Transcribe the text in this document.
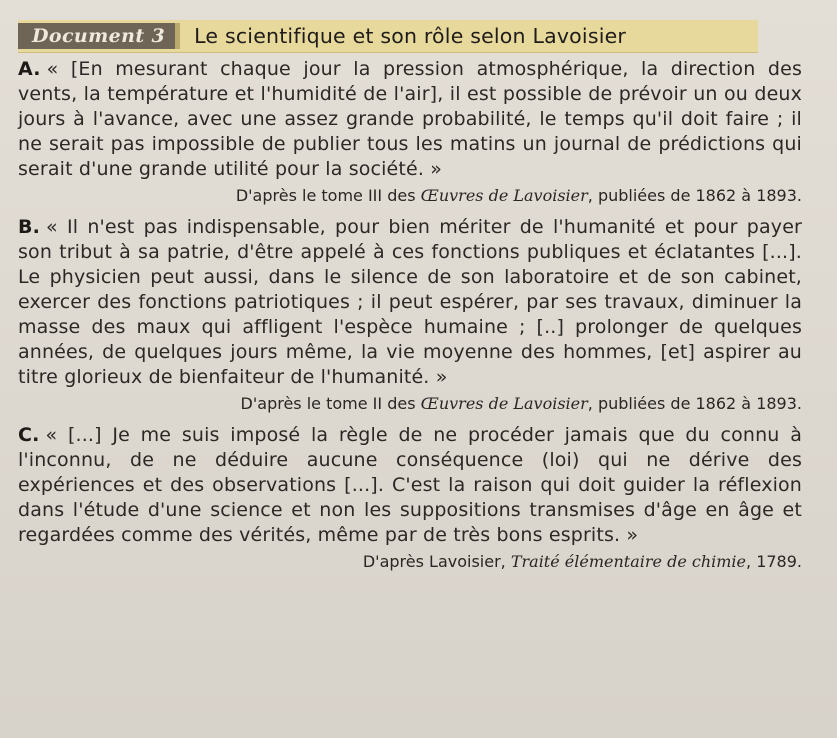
Document 3	Le scientifique et son rôle selon Lavoisier

A. « [En mesurant chaque jour la pression atmosphérique, la direction des vents, la température et l'humidité de l'air], il est possible de prévoir un ou deux jours à l'avance, avec une assez grande probabilité, le temps qu'il doit faire ; il ne serait pas impossible de publier tous les matins un journal de prédictions qui serait d'une grande utilité pour la société. »

D'après le tome III des Œuvres de Lavoisier, publiées de 1862 à 1893.

B. « Il n'est pas indispensable, pour bien mériter de l'humanité et pour payer son tribut à sa patrie, d'être appelé à ces fonctions publiques et éclatantes [...]. Le physicien peut aussi, dans le silence de son laboratoire et de son cabinet, exercer des fonctions patriotiques ; il peut espérer, par ses travaux, diminuer la masse des maux qui affligent l'espèce humaine ; [..] prolonger de quelques années, de quelques jours même, la vie moyenne des hommes, [et] aspirer au titre glorieux de bienfaiteur de l'humanité. »

D'après le tome II des Œuvres de Lavoisier, publiées de 1862 à 1893.

C. « [...] Je me suis imposé la règle de ne procéder jamais que du connu à l'inconnu, de ne déduire aucune conséquence (loi) qui ne dérive des expériences et des observations [...]. C'est la raison qui doit guider la réflexion dans l'étude d'une science et non les suppositions transmises d'âge en âge et regardées comme des vérités, même par de très bons esprits. »

D'après Lavoisier, Traité élémentaire de chimie, 1789.
